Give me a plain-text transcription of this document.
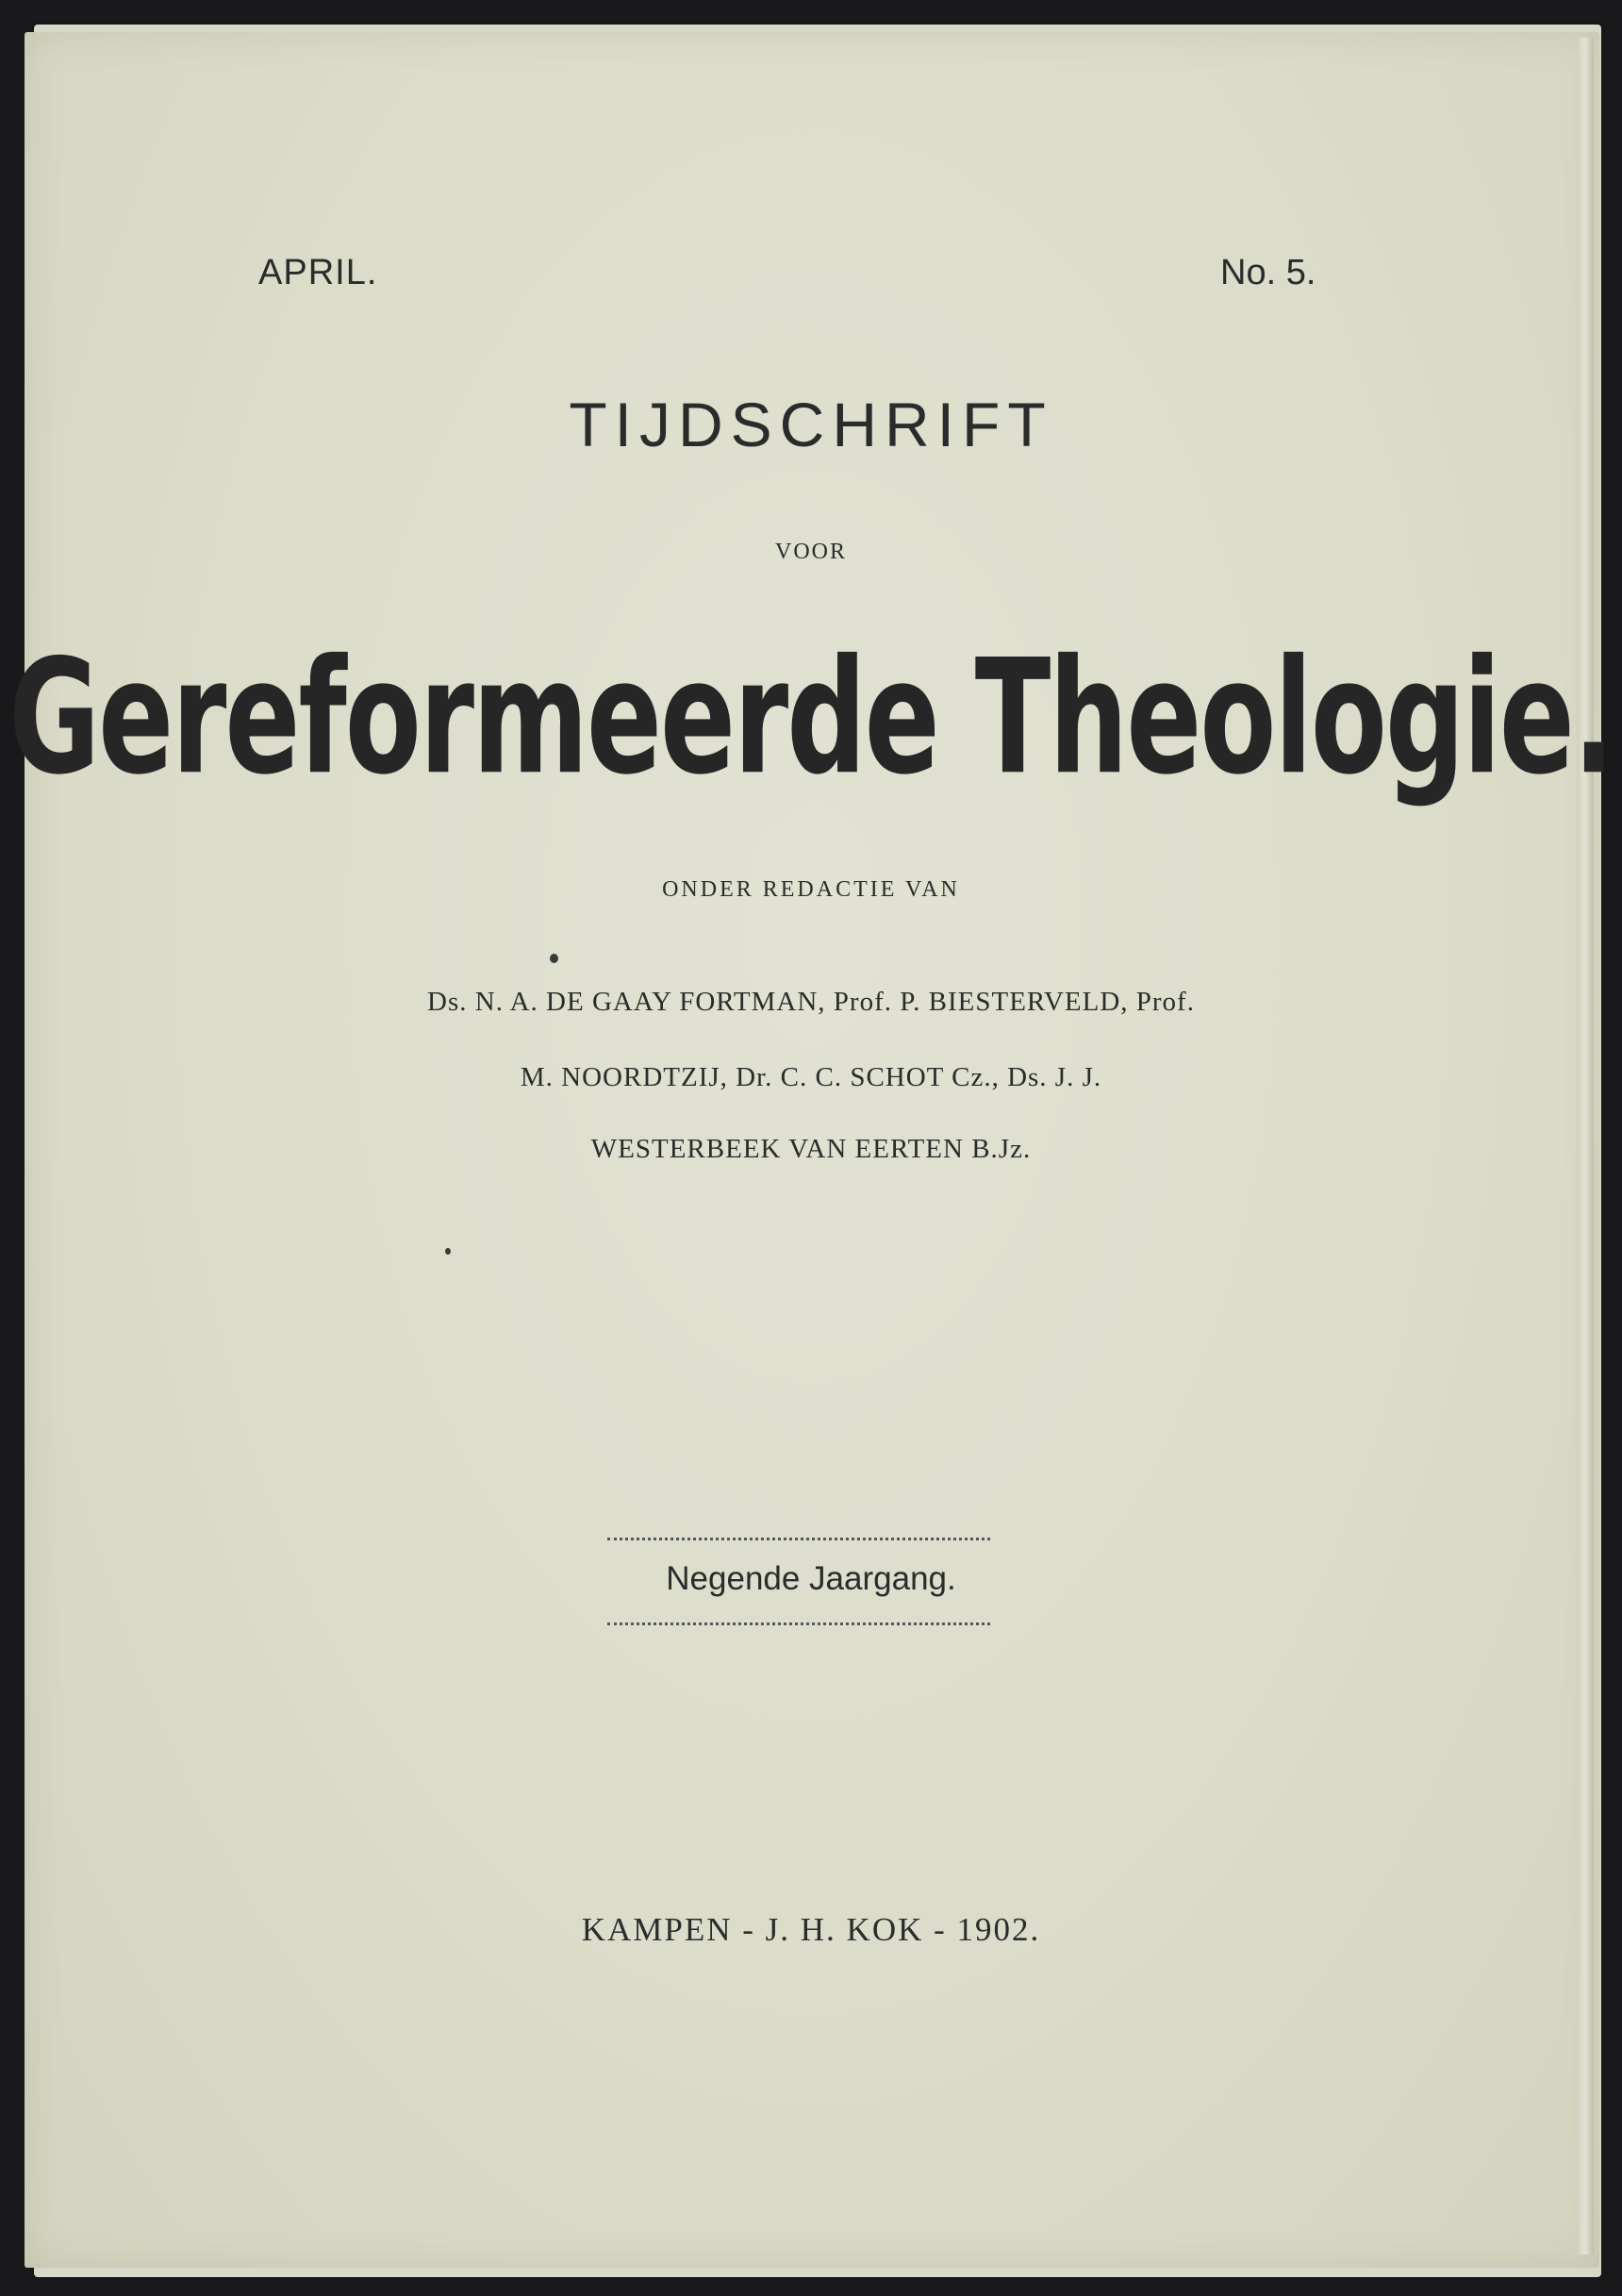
APRIL.	No. 5.
TIJDSCHRIFT
VOOR
Gereformeerde Theologie.
ONDER REDACTIE VAN
Ds. N. A. DE GAAY FORTMAN, Prof. P. BIESTERVELD, Prof.
M. NOORDTZIJ, Dr. C. C. SCHOT Cz., Ds. J. J.
WESTERBEEK VAN EERTEN B.Jz.
Negende Jaargang.
KAMPEN - J. H. KOK - 1902.
